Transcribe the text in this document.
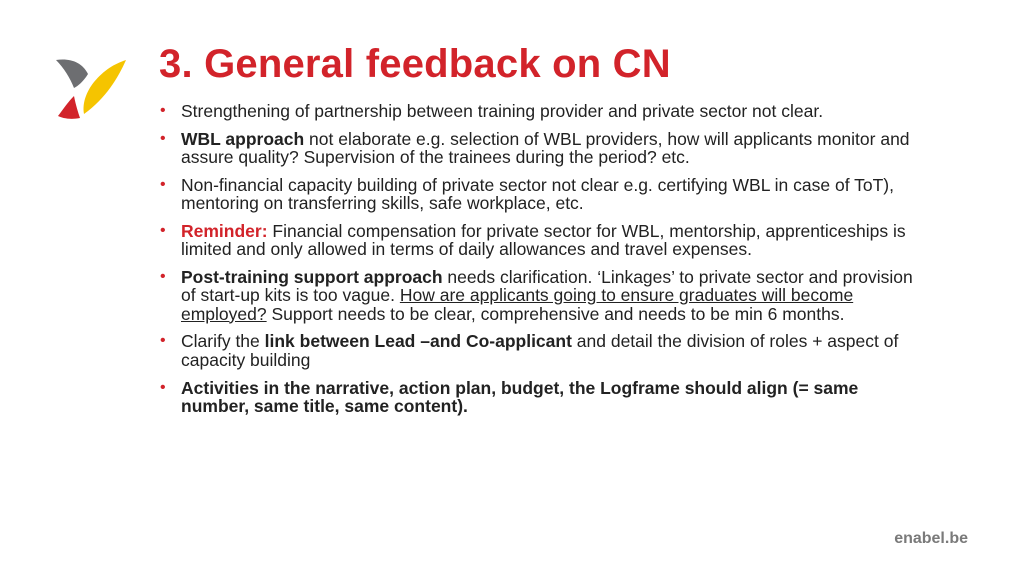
3. General feedback on CN
• Strengthening of partnership between training provider and private sector not clear.
• WBL approach not elaborate e.g. selection of WBL providers, how will applicants monitor and assure quality? Supervision of the trainees during the period? etc.
• Non-financial capacity building of private sector not clear e.g. certifying WBL in case of ToT), mentoring on transferring skills, safe workplace, etc.
• Reminder: Financial compensation for private sector for WBL, mentorship, apprenticeships is limited and only allowed in terms of daily allowances and travel expenses.
• Post-training support approach needs clarification. ‘Linkages’ to private sector and provision of start-up kits is too vague. How are applicants going to ensure graduates will become employed? Support needs to be clear, comprehensive and needs to be min 6 months.
• Clarify the link between Lead –and Co-applicant and detail the division of roles + aspect of capacity building
• Activities in the narrative, action plan, budget, the Logframe should align (= same number, same title, same content).
enabel.be
